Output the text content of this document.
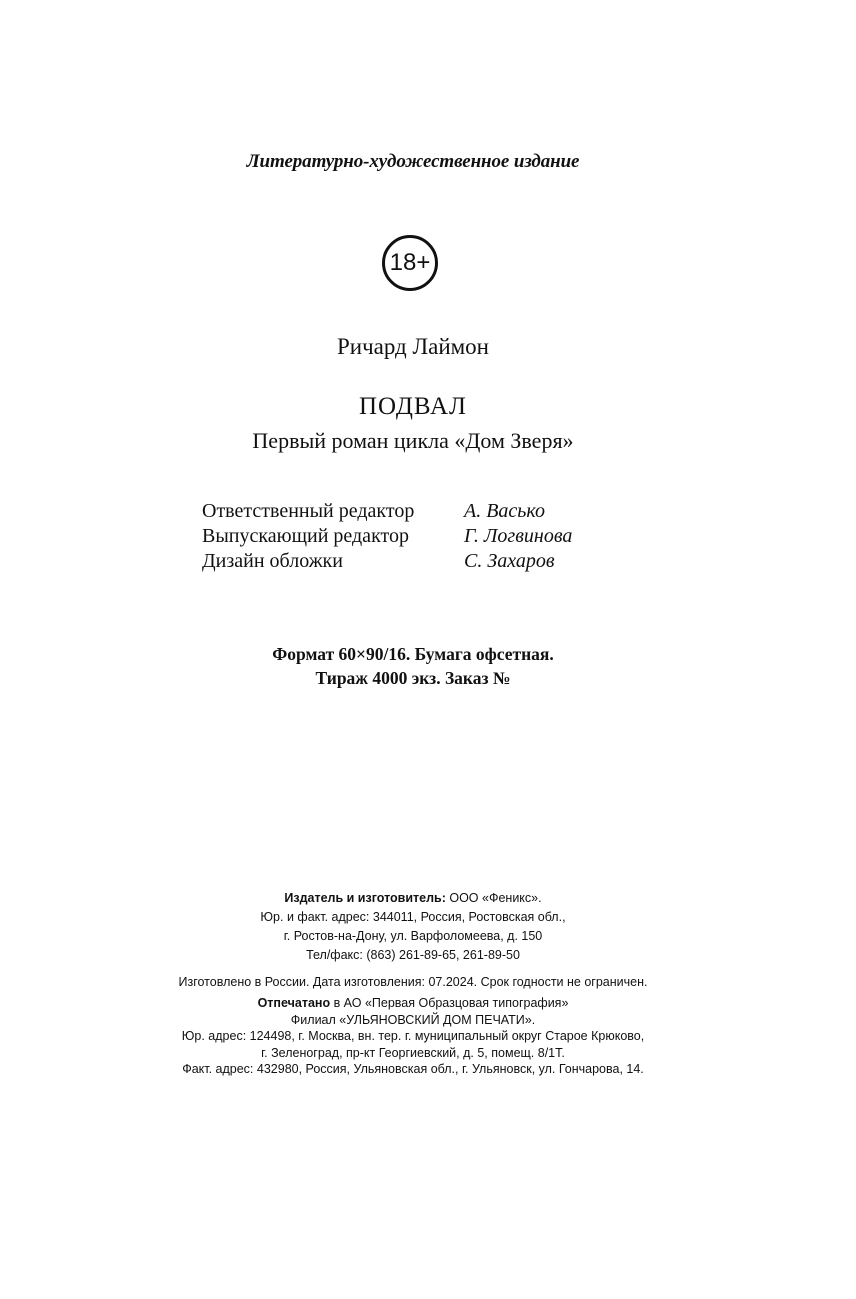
Литературно-художественное издание
18+
Ричард Лаймон
ПОДВАЛ
Первый роман цикла «Дом Зверя»
Ответственный редактор А. Васько
Выпускающий редактор	Г. Логвинова
Дизайн обложки	С. Захаров
Формат 60×90/16. Бумага офсетная.
Тираж 4000 экз. Заказ №
Издатель и изготовитель: ООО «Феникс».
Юр. и факт. адрес: 344011, Россия, Ростовская обл.,
г. Ростов-на-Дону, ул. Варфоломеева, д. 150
Тел/факс: (863) 261-89-65, 261-89-50
Изготовлено в России. Дата изготовления: 07.2024. Срок годности не ограничен.
Отпечатано в АО «Первая Образцовая типография»
Филиал «УЛЬЯНОВСКИЙ ДОМ ПЕЧАТИ».
Юр. адрес: 124498, г. Москва, вн. тер. г. муниципальный округ Старое Крюково,
г. Зеленоград, пр-кт Георгиевский, д. 5, помещ. 8/1Т.
Факт. адрес: 432980, Россия, Ульяновская обл., г. Ульяновск, ул. Гончарова, 14.
